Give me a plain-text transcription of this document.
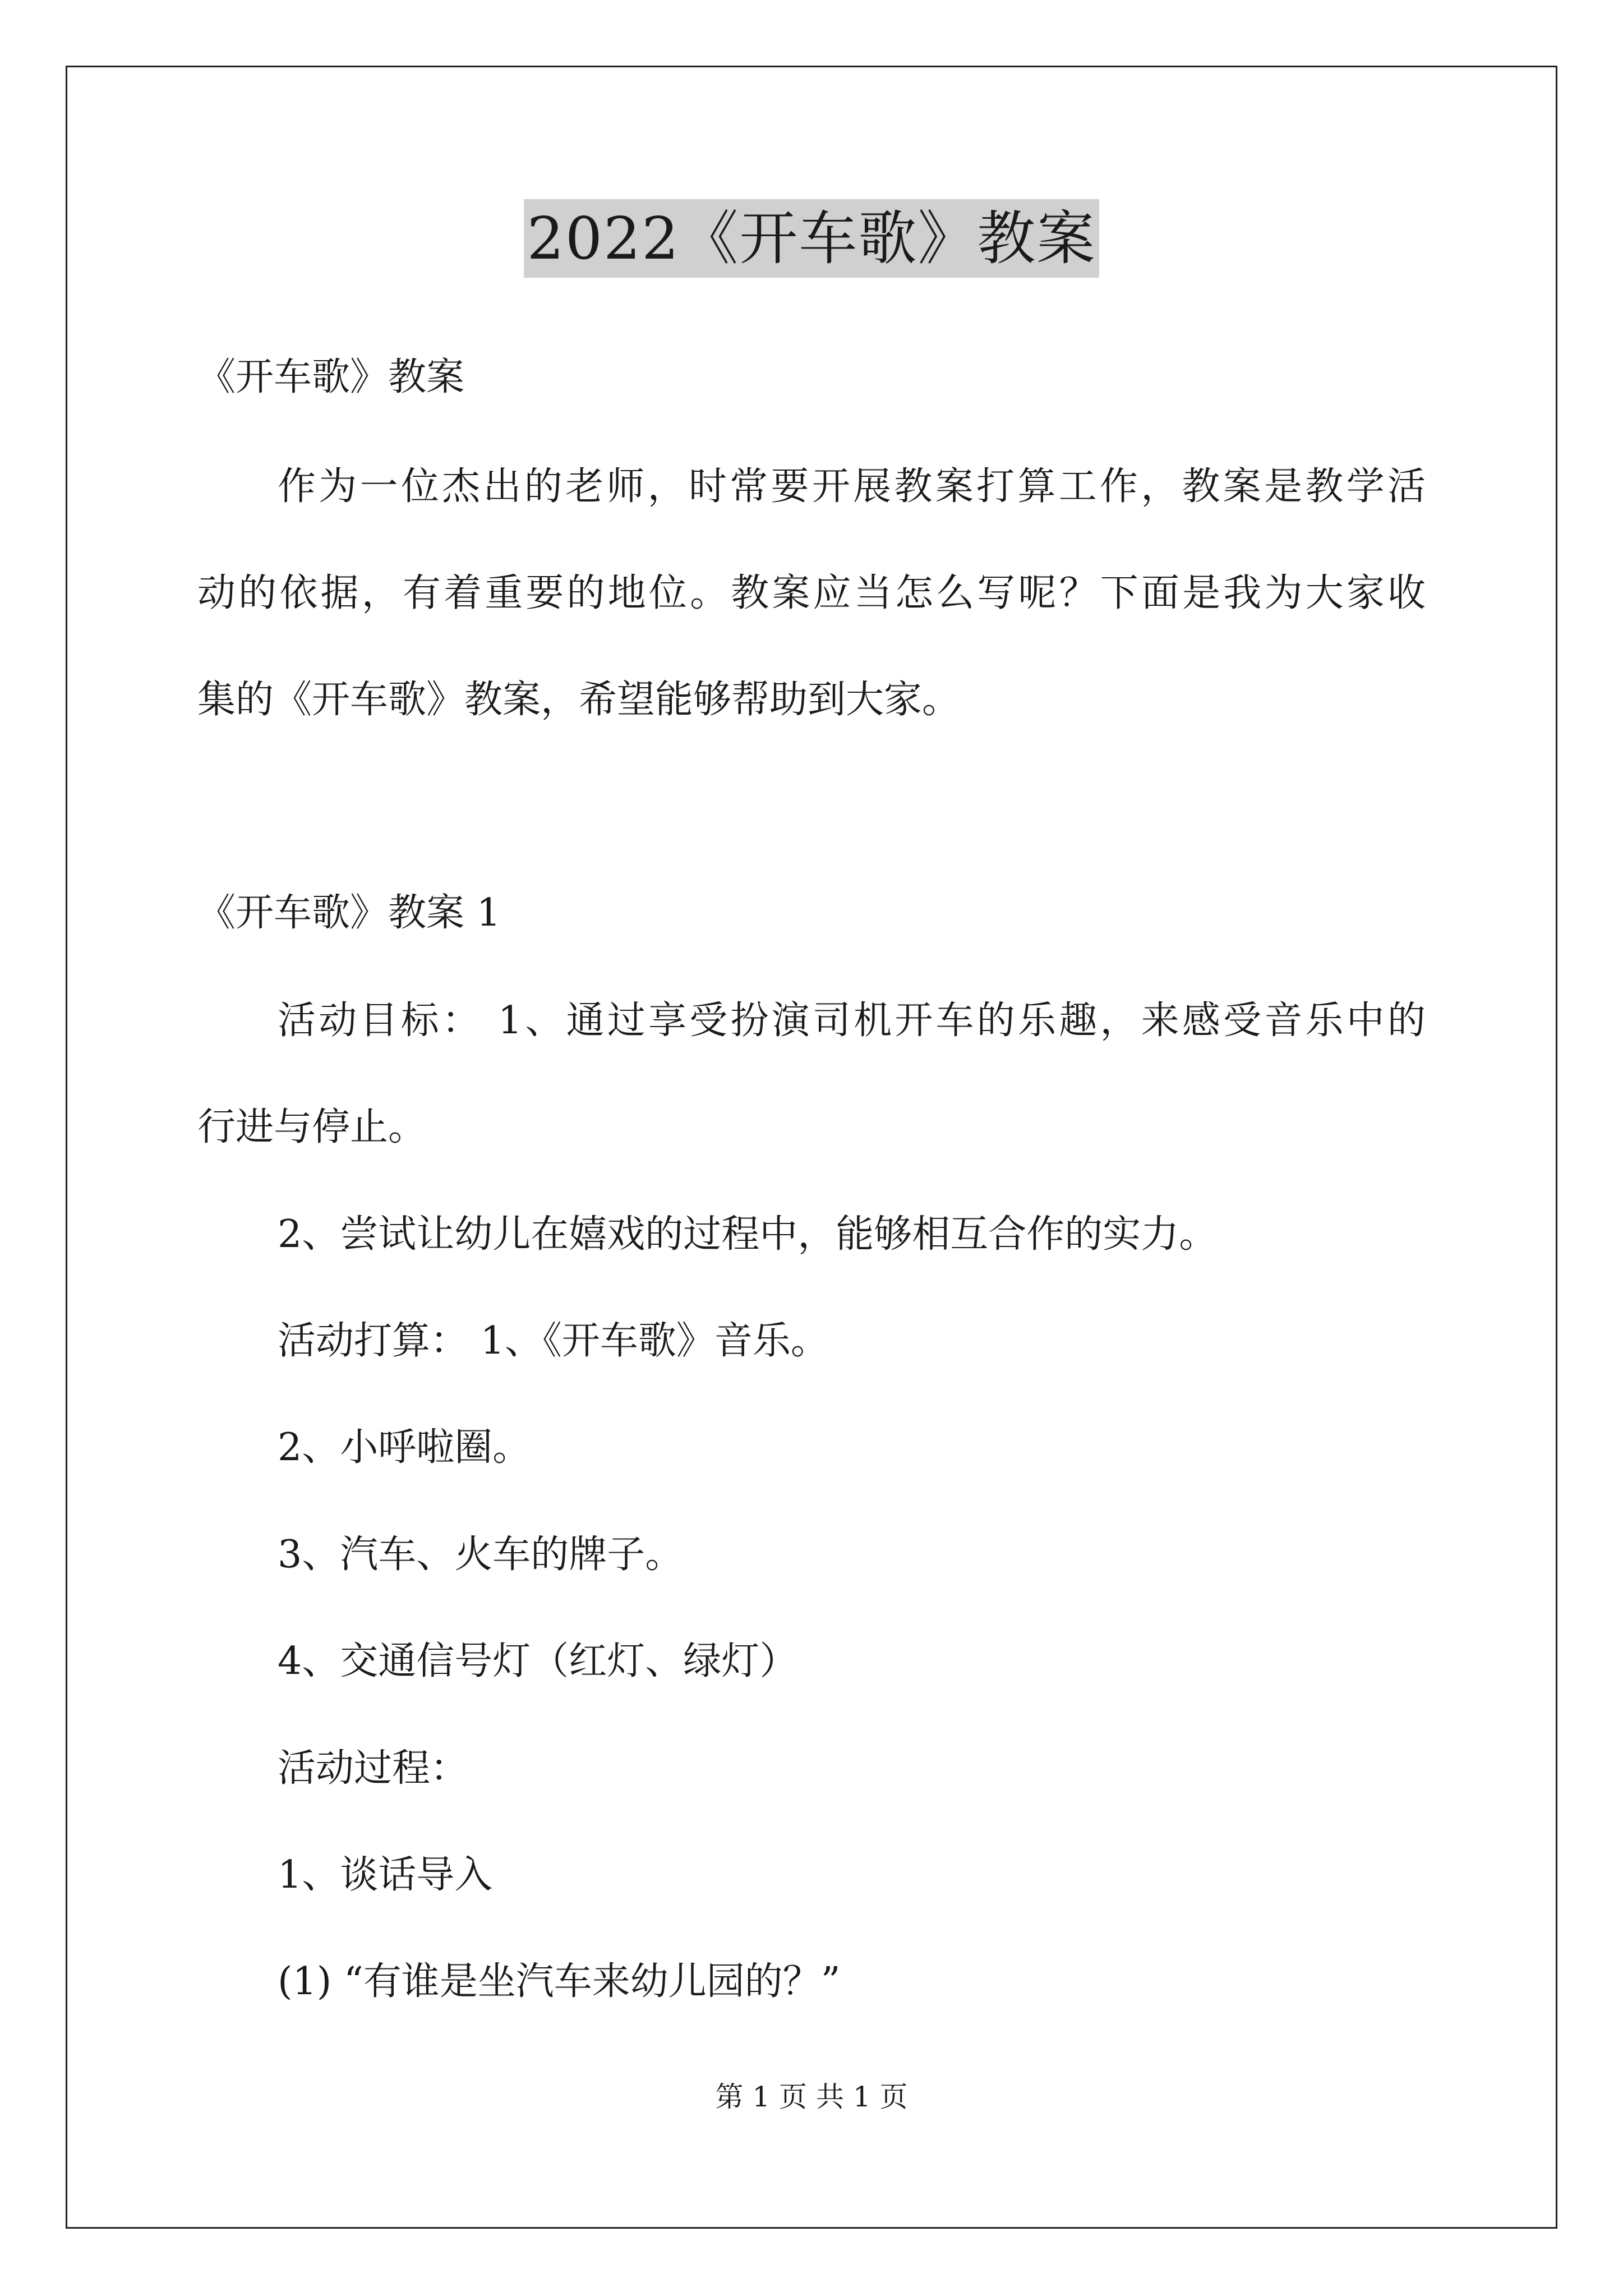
2022《开车歌》教案
《开车歌》教案
作为一位杰出的老师，时常要开展教案打算工作，教案是教学活
动的依据，有着重要的地位。教案应当怎么写呢？下面是我为大家收
集的《开车歌》教案，希望能够帮助到大家。
《开车歌》教案 1
活动目标： 1、通过享受扮演司机开车的乐趣，来感受音乐中的
行进与停止。
2、尝试让幼儿在嬉戏的过程中，能够相互合作的实力。
活动打算： 1、《开车歌》音乐。
2、小呼啦圈。
3、汽车、火车的牌子。
4、交通信号灯（红灯、绿灯）
活动过程：
1、谈话导入
(1) “有谁是坐汽车来幼儿园的？”
第 1 页 共 1 页
